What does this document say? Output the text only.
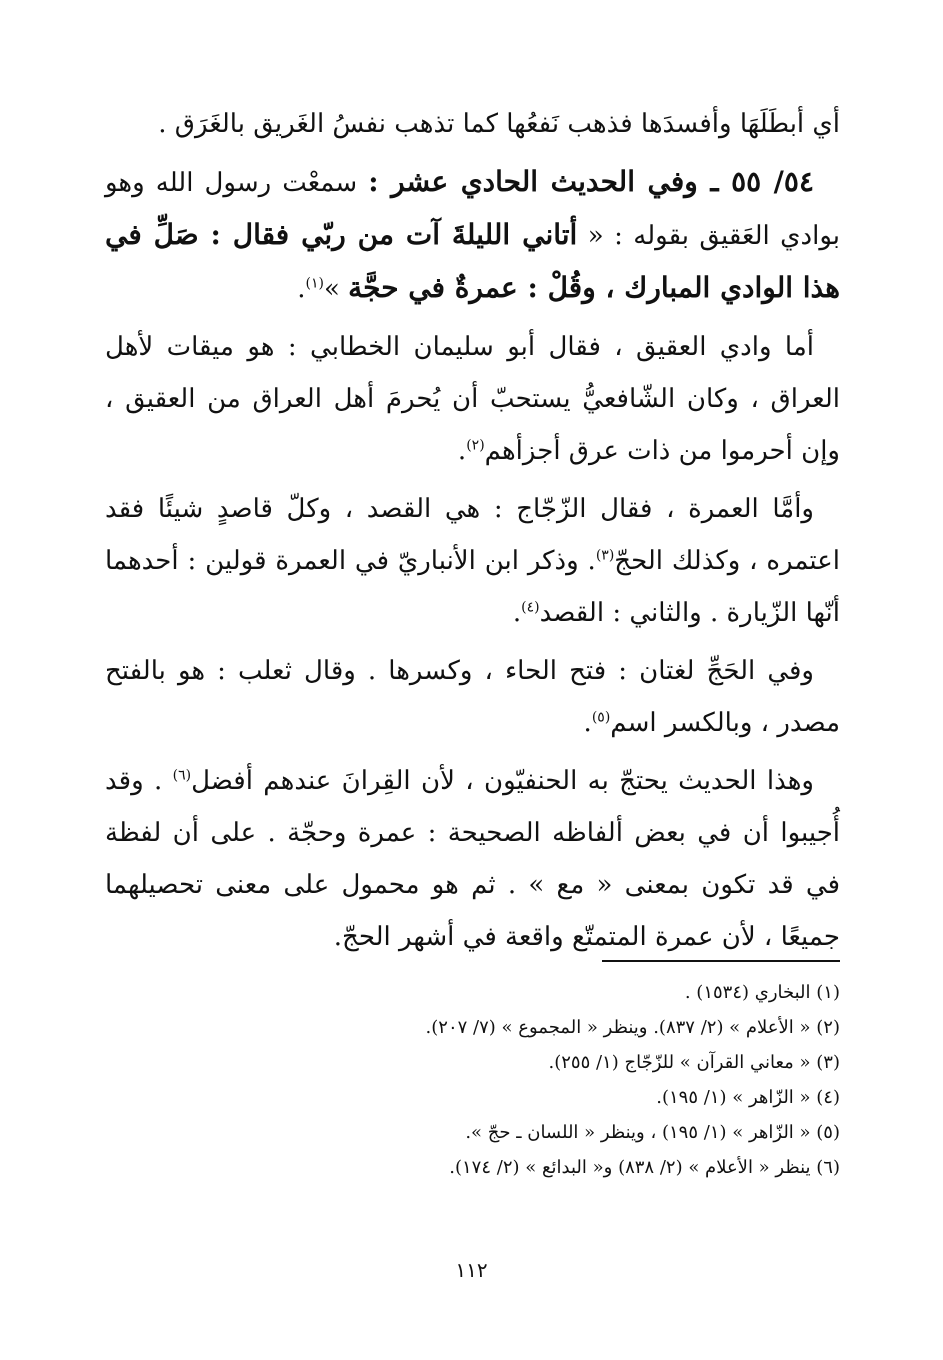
أي أبطَلَهَا وأفسدَها فذهب نَفعُها كما تذهب نفسُ الغَريق بالغَرَق .

٥٤/ ٥٥ ـ وفي الحديث الحادي عشر : سمعْت رسول الله وهو بوادي العَقيق بقوله : « أتاني الليلةَ آت من ربّي فقال : صَلِّ في هذا الوادي المبارك ، وقُلْ : عمرةٌ في حجَّة »$^{(١)}$.

أما وادي العقيق ، فقال أبو سليمان الخطابي : هو ميقات لأهل العراق ، وكان الشّافعيُّ يستحبّ أن يُحرمَ أهل العراق من العقيق ، وإن أحرموا من ذات عرق أجزأهم$^{(٢)}$.

وأمَّا العمرة ، فقال الزّجّاج : هي القصد ، وكلّ قاصدٍ شيئًا فقد اعتمره ، وكذلك الحجّ$^{(٣)}$. وذكر ابن الأنباريّ في العمرة قولين : أحدهما أنّها الزّيارة . والثاني : القصد$^{(٤)}$.

وفي الحَجِّ لغتان : فتح الحاء ، وكسرها . وقال ثعلب : هو بالفتح مصدر ، وبالكسر اسم$^{(٥)}$.

وهذا الحديث يحتجّ به الحنفيّون ، لأن القِرانَ عندهم أفضل$^{(٦)}$ . وقد أُجيبوا أن في بعض ألفاظه الصحيحة : عمرة وحجّة . على أن لفظة في قد تكون بمعنى « مع » . ثم هو محمول على معنى تحصيلهما جميعًا ، لأن عمرة المتمتّع واقعة في أشهر الحجّ.

(١) البخاري (١٥٣٤) .

(٢) « الأعلام » (٢/ ٨٣٧). وينظر « المجموع » (٧/ ٢٠٧).

(٣) « معاني القرآن » للزّجّاج (١/ ٢٥٥).

(٤) « الزّاهر » (١/ ١٩٥).

(٥) « الزّاهر » (١/ ١٩٥) ، وينظر « اللسان ـ حجّ ».

(٦) ينظر « الأعلام » (٢/ ٨٣٨) و« البدائع » (٢/ ١٧٤).

١١٢
